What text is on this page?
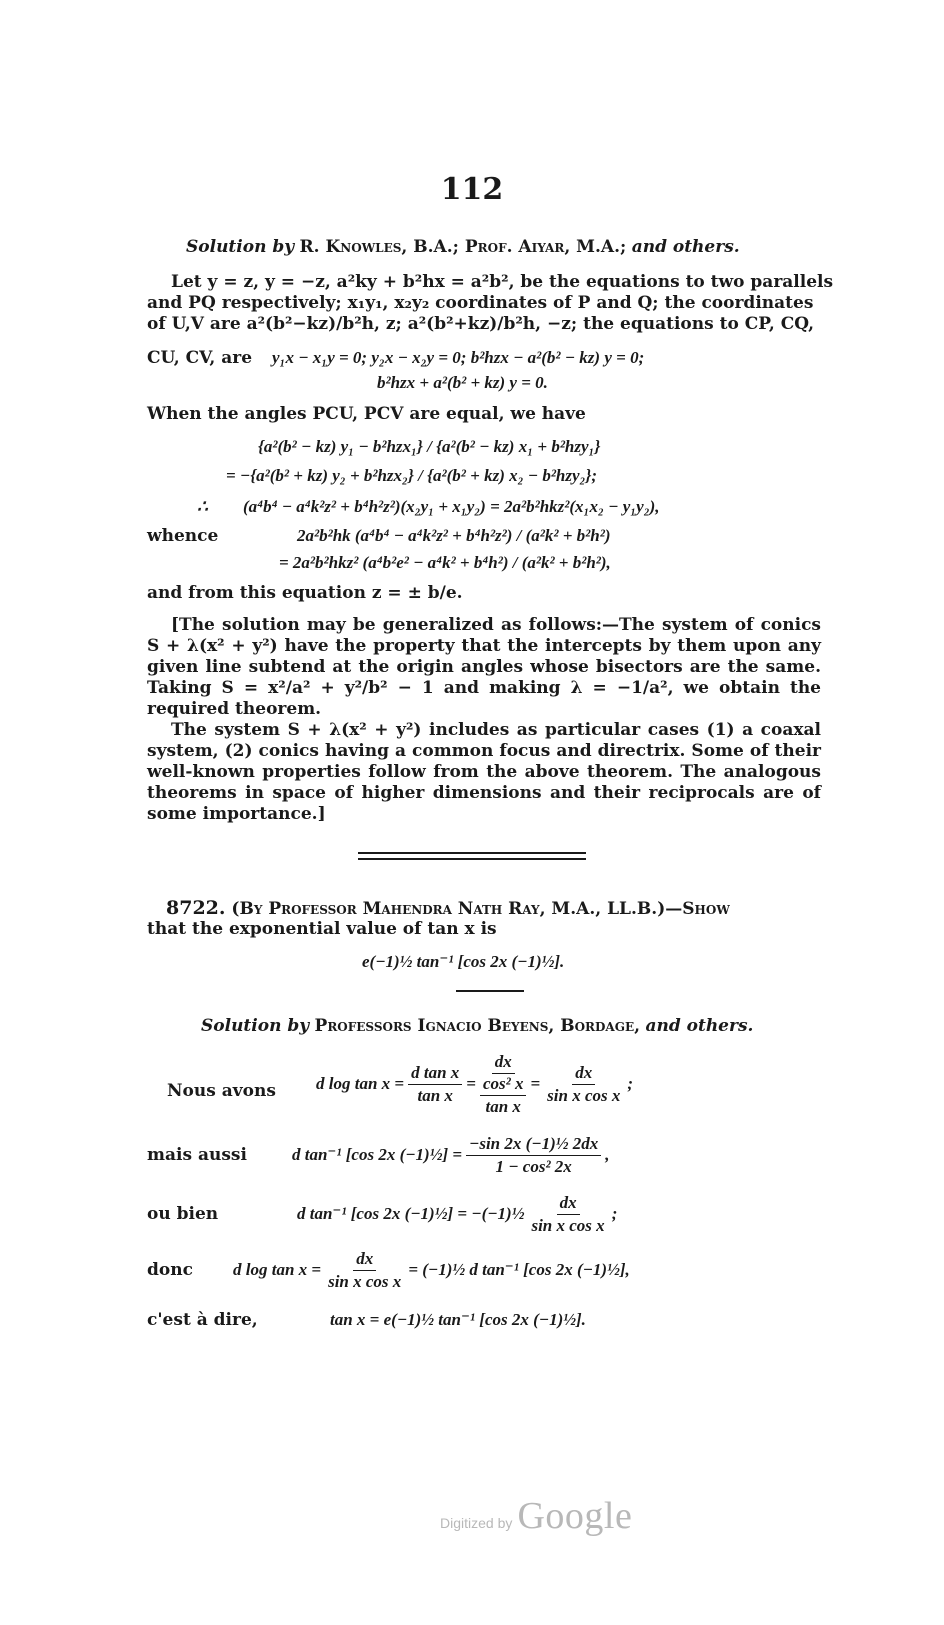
112
Solution by R. Knowles, B.A.; Prof. Aiyar, M.A.; and others.
Let y = z, y = −z, a²ky + b²hx = a²b², be the equations to two parallels
and PQ respectively; x₁y₁, x₂y₂ coordinates of P and Q; the coordinates
of U,V are a²(b²−kz)/b²h, z; a²(b²+kz)/b²h, −z; the equations to CP, CQ,
CU, CV, are y₁x − x₁y = 0; y₂x − x₂y = 0; b²hzx − a²(b² − kz) y = 0;
b²hzx + a²(b² + kz) y = 0.
When the angles PCU, PCV are equal, we have
{a²(b² − kz) y₁ − b²hzx₁} / {a²(b² − kz) x₁ + b²hzy₁}
= −{a²(b² + kz) y₂ + b²hzx₂} / {a²(b² + kz) x₂ − b²hzy₂};
∴ (a⁴b⁴ − a⁴k²z² + b⁴h²z²)(x₂y₁ + x₁y₂) = 2a²b²hkz²(x₁x₂ − y₁y₂),
whence	2a²b²hk (a⁴b⁴ − a⁴k²z² + b⁴h²z²) / (a²k² + b²h²)
= 2a²b²hkz² (a⁴b²e² − a⁴k² + b⁴h²) / (a²k² + b²h²),
and from this equation z = ± b/e.

[The solution may be generalized as follows:—The system of conics S + λ(x² + y²) have the property that the intercepts by them upon any given line subtend at the origin angles whose bisectors are the same. Taking S = x²/a² + y²/b² − 1 and making λ = −1/a², we obtain the required theorem.

The system S + λ(x² + y²) includes as particular cases (1) a coaxal system, (2) conics having a common focus and directrix. Some of their well-known properties follow from the above theorem. The analogous theorems in space of higher dimensions and their reciprocals are of some importance.]

8722. (By Professor Mahendra Nath Ray, M.A., LL.B.)—Show
that the exponential value of tan x is
e(−1)½ tan⁻¹ [cos 2x (−1)½].
Solution by Professors Ignacio Beyens, Bordage, and others.
Nous avons d $\log \tan x = \frac{\text{d tan x}}{\text{tan x}}$ = dx
cos² x
$\tan x = \frac{dx}{\text{sin x cos x}}$ ;
mais aussi	d tan⁻¹ [cos 2x (−1)½] = $\frac{\text{−sin 2x (−1)½ 2dx}}{\text{1 − cos² 2x}}$ ,
ou bien	d tan⁻¹ [cos 2x (−1)½] = −(−1)½ $\frac{dx}{\text{sin x cos x}}$ ;
donc d $\log \tan x = \frac{dx}{\text{sin x cos x}}$ = (−1)½ d tan⁻¹ [cos 2x (−1)½],
c'est à dire,	tan x = e(−1)½ tan⁻¹ [cos 2x (−1)½].
Digitized by Google
